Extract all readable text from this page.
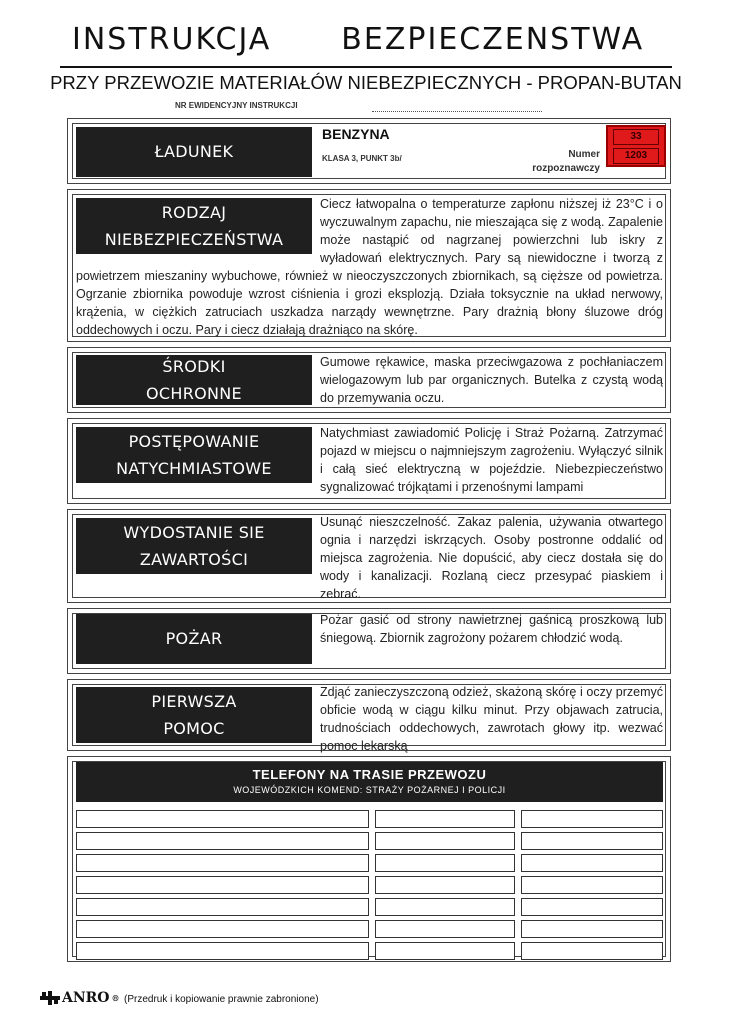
INSTRUKCJA BEZPIECZENSTWA
PRZY PRZEWOZIE MATERIAŁÓW NIEBEZPIECZNYCH - PROPAN-BUTAN
NR EWIDENCYJNY INSTRUKCJI
ŁADUNEK
BENZYNA
KLASA 3, PUNKT 3b/	Numer
rozpoznawczy
33
1203
RODZAJ
NIEBEZPIECZEŃSTWA
Ciecz łatwopalna o temperaturze zapłonu niższej iż 23°C i o wyczuwalnym zapachu, nie mieszająca się z wodą. Zapalenie może nastąpić od nagrzanej powierzchni lub iskry z wyładowań elektrycznych. Pary są niewidoczne i tworzą z powietrzem mieszaniny wybuchowe, również w nieoczyszczonych zbiornikach, są cięższe od powietrza. Ogrzanie zbiornika powoduje wzrost ciśnienia i grozi eksplozją. Działa toksycznie na układ nerwowy, krążenia, w ciężkich zatruciach uszkadza narządy wewnętrzne. Pary drażnią błony śluzowe dróg oddechowych i oczu. Pary i ciecz działają drażniąco na skórę.
ŚRODKI
OCHRONNE
Gumowe rękawice, maska przeciwgazowa z pochłaniaczem wielogazowym lub par organicznych. Butelka z czystą wodą do przemywania oczu.
POSTĘPOWANIE
NATYCHMIASTOWE
Natychmiast zawiadomić Policję i Straż Pożarną. Zatrzymać pojazd w miejscu o najmniejszym zagrożeniu. Wyłączyć silnik i całą sieć elektryczną w pojeździe. Niebezpieczeństwo sygnalizować trójkątami i przenośnymi lampami
WYDOSTANIE SIE
ZAWARTOŚCI
Usunąć nieszczelność. Zakaz palenia, używania otwartego ognia i narzędzi iskrzących. Osoby postronne oddalić od miejsca zagrożenia. Nie dopuścić, aby ciecz dostała się do wody i kanalizacji. Rozlaną ciecz przesypać piaskiem i zebrać.
POŻAR
Pożar gasić od strony nawietrznej gaśnicą proszkową lub śniegową. Zbiornik zagrożony pożarem chłodzić wodą.
PIERWSZA
POMOC
Zdjąć zanieczyszczoną odzież, skażoną skórę i oczy przemyć obficie wodą w ciągu kilku minut. Przy objawach zatrucia, trudnościach oddechowych, zawrotach głowy itp. wezwać pomoc lekarską
TELEFONY NA TRASIE PRZEWOZU
WOJEWÓDZKICH KOMEND: STRAŻY POŻARNEJ I POLICJI
ANRO ® (Przedruk i kopiowanie prawnie zabronione)
